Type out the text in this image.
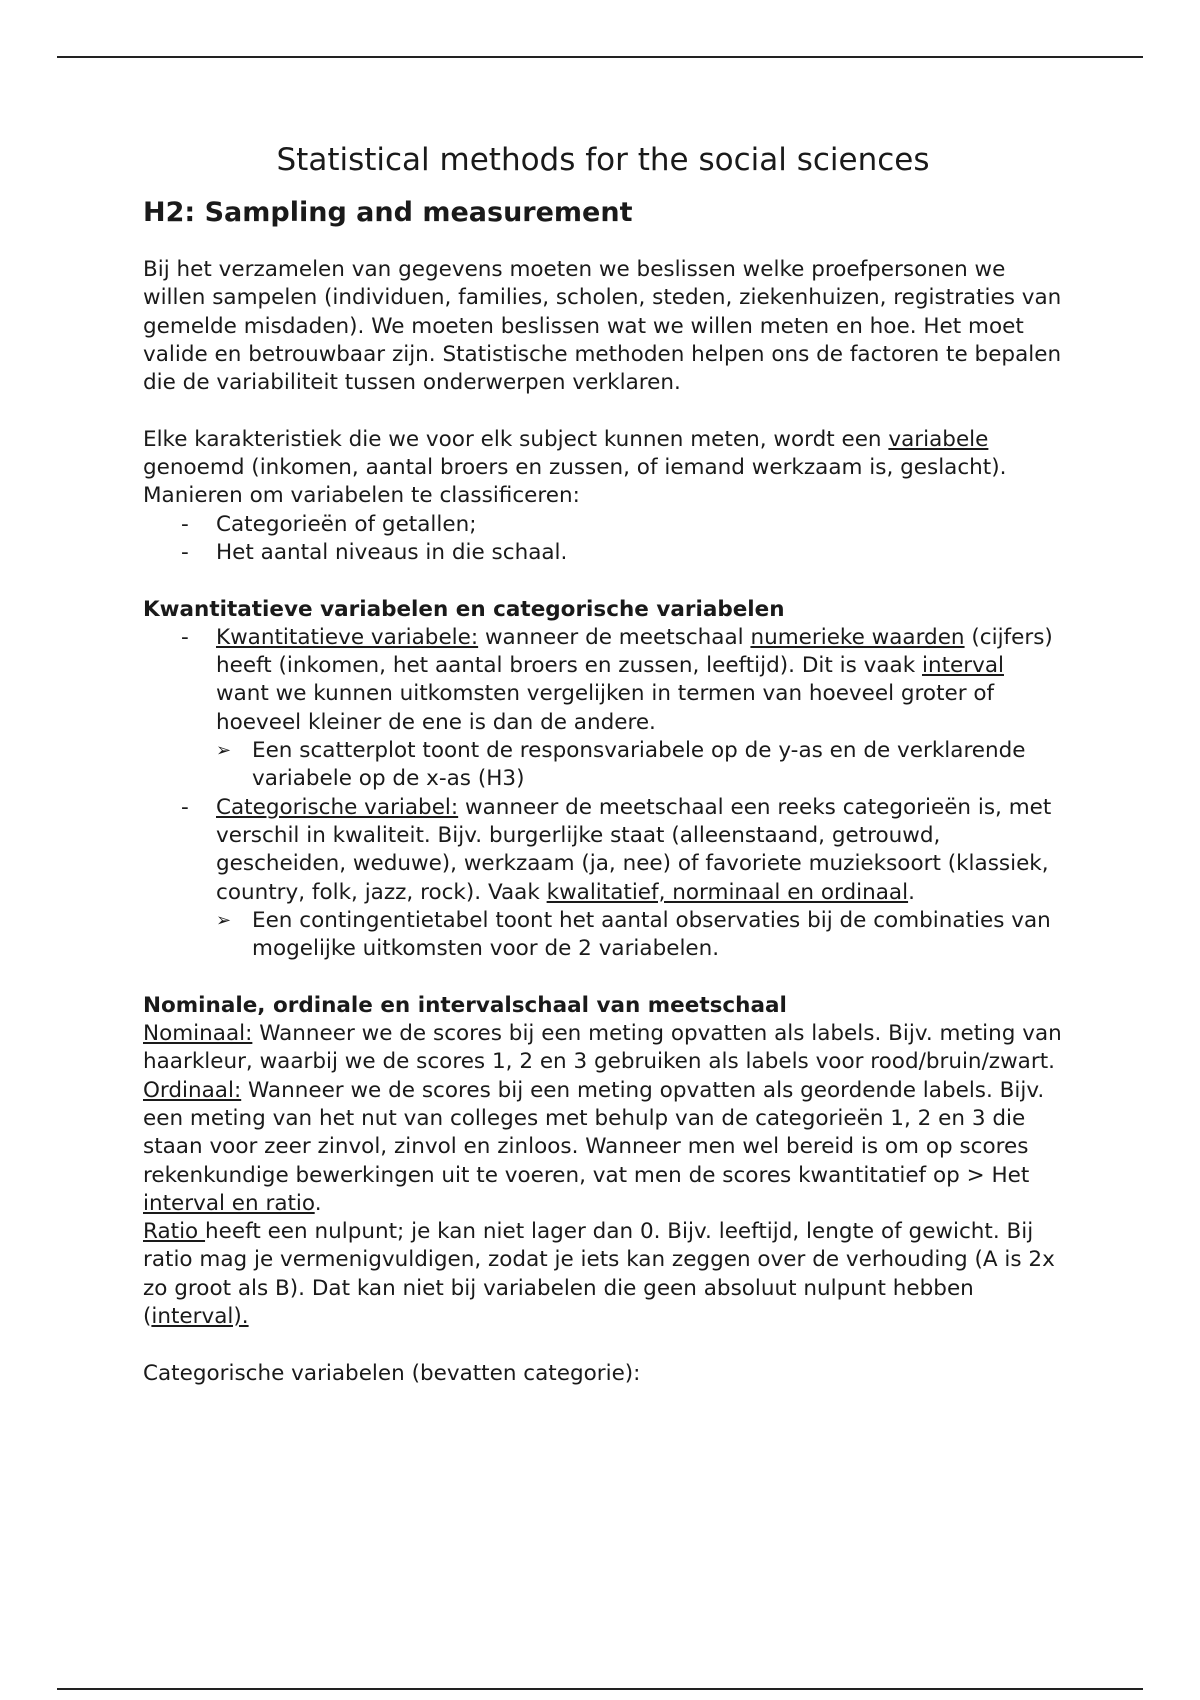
Statistical methods for the social sciences
H2: Sampling and measurement

Bij het verzamelen van gegevens moeten we beslissen welke proefpersonen we willen sampelen (individuen, families, scholen, steden, ziekenhuizen, registraties van gemelde misdaden). We moeten beslissen wat we willen meten en hoe. Het moet valide en betrouwbaar zijn. Statistische methoden helpen ons de factoren te bepalen die de variabiliteit tussen onderwerpen verklaren.

Elke karakteristiek die we voor elk subject kunnen meten, wordt een variabele genoemd (inkomen, aantal broers en zussen, of iemand werkzaam is, geslacht). Manieren om variabelen te classificeren:

- Categorieën of getallen;
- Het aantal niveaus in die schaal.

Kwantitatieve variabelen en categorische variabelen

- Kwantitatieve variabele: wanneer de meetschaal numerieke waarden (cijfers) heeft (inkomen, het aantal broers en zussen, leeftijd). Dit is vaak interval want we kunnen uitkomsten vergelijken in termen van hoeveel groter of hoeveel kleiner de ene is dan de andere.
➢ Een scatterplot toont de responsvariabele op de y-as en de verklarende variabele op de x-as (H3)
- Categorische variabel: wanneer de meetschaal een reeks categorieën is, met verschil in kwaliteit. Bijv. burgerlijke staat (alleenstaand, getrouwd, gescheiden, weduwe), werkzaam (ja, nee) of favoriete muzieksoort (klassiek, country, folk, jazz, rock). Vaak kwalitatief, norminaal en ordinaal.
➢ Een contingentietabel toont het aantal observaties bij de combinaties van mogelijke uitkomsten voor de 2 variabelen.

Nominale, ordinale en intervalschaal van meetschaal

Nominaal: Wanneer we de scores bij een meting opvatten als labels. Bijv. meting van haarkleur, waarbij we de scores 1, 2 en 3 gebruiken als labels voor rood/bruin/zwart.

Ordinaal: Wanneer we de scores bij een meting opvatten als geordende labels. Bijv. een meting van het nut van colleges met behulp van de categorieën 1, 2 en 3 die staan voor zeer zinvol, zinvol en zinloos. Wanneer men wel bereid is om op scores rekenkundige bewerkingen uit te voeren, vat men de scores kwantitatief op > Het interval en ratio.

Ratio heeft een nulpunt; je kan niet lager dan 0. Bijv. leeftijd, lengte of gewicht. Bij ratio mag je vermenigvuldigen, zodat je iets kan zeggen over de verhouding (A is 2x zo groot als B). Dat kan niet bij variabelen die geen absoluut nulpunt hebben (interval).

Categorische variabelen (bevatten categorie):
